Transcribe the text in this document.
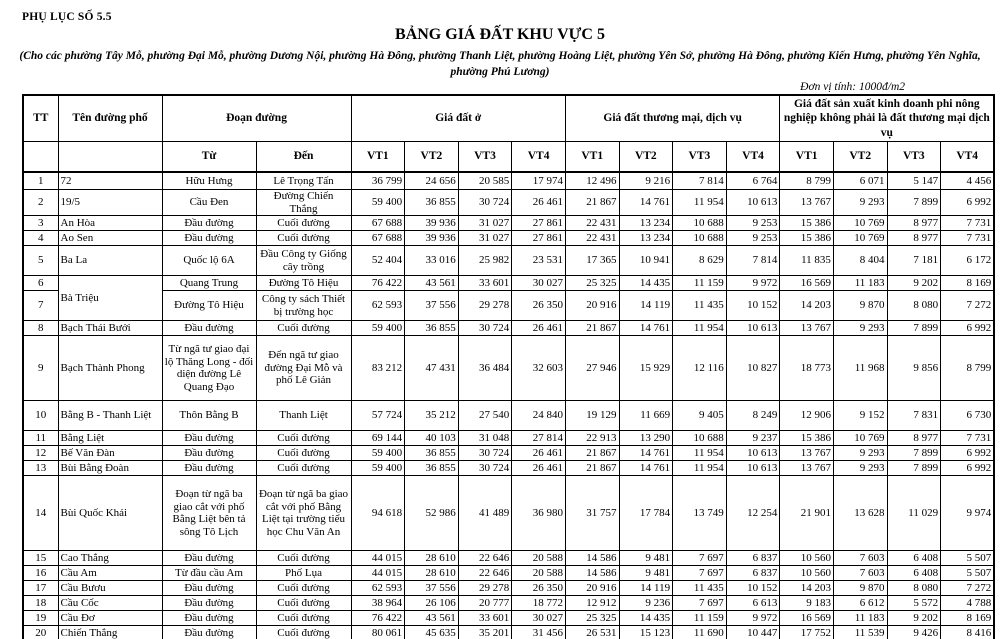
PHỤ LỤC SỐ 5.5
BẢNG GIÁ ĐẤT KHU VỰC 5
(Cho các phường Tây Mỗ, phường Đại Mỗ, phường Dương Nội, phường Hà Đông, phường Thanh Liệt, phường Hoàng Liệt, phường Yên Sở, phường Hà Đông, phường Kiến Hưng, phường Yên Nghĩa, phường Phú Lương)
Đơn vị tính: 1000đ/m2
TT	Tên đường phố	Đoạn đường		Giá đất ở				Giá đất thương mại, dịch vụ				Giá đất sản xuất kinh doanh phi nông nghiệp không phải là đất thương mại dịch vụ			
		Từ	Đến	VT1	VT2	VT3	VT4	VT1	VT2	VT3	VT4	VT1	VT2	VT3	VT4
1	72	Hữu Hưng	Lê Trọng Tấn	36 799	24 656	20 585	17 974	12 496	9 216	7 814	6 764	8 799	6 071	5 147	4 456
2	19/5	Cầu Đen	Đường Chiến Thắng	59 400	36 855	30 724	26 461	21 867	14 761	11 954	10 613	13 767	9 293	7 899	6 992
3	An Hòa	Đầu đường	Cuối đường	67 688	39 936	31 027	27 861	22 431	13 234	10 688	9 253	15 386	10 769	8 977	7 731
4	Ao Sen	Đầu đường	Cuối đường	67 688	39 936	31 027	27 861	22 431	13 234	10 688	9 253	15 386	10 769	8 977	7 731
5	Ba La	Quốc lộ 6A	Đầu Công ty Giống cây trồng	52 404	33 016	25 982	23 531	17 365	10 941	8 629	7 814	11 835	8 404	7 181	6 172
6	Bà Triệu	Quang Trung	Đường Tô Hiệu	76 422	43 561	33 601	30 027	25 325	14 435	11 159	9 972	16 569	11 183	9 202	8 169
7		Đường Tô Hiệu	Công ty sách Thiết bị trường học	62 593	37 556	29 278	26 350	20 916	14 119	11 435	10 152	14 203	9 870	8 080	7 272
8	Bạch Thái Bưởi	Đầu đường	Cuối đường	59 400	36 855	30 724	26 461	21 867	14 761	11 954	10 613	13 767	9 293	7 899	6 992
9	Bạch Thành Phong	Từ ngã tư giao đại lộ Thăng Long - đối diện đường Lê Quang Đạo	Đến ngã tư giao đường Đại Mỗ và phố Lê Giản	83 212	47 431	36 484	32 603	27 946	15 929	12 116	10 827	18 773	11 968	9 856	8 799
10	Bằng B - Thanh Liệt	Thôn Bằng B	Thanh Liệt	57 724	35 212	27 540	24 840	19 129	11 669	9 405	8 249	12 906	9 152	7 831	6 730
11	Bằng Liệt	Đầu đường	Cuối đường	69 144	40 103	31 048	27 814	22 913	13 290	10 688	9 237	15 386	10 769	8 977	7 731
12	Bế Văn Đàn	Đầu đường	Cuối đường	59 400	36 855	30 724	26 461	21 867	14 761	11 954	10 613	13 767	9 293	7 899	6 992
13	Bùi Bằng Đoàn	Đầu đường	Cuối đường	59 400	36 855	30 724	26 461	21 867	14 761	11 954	10 613	13 767	9 293	7 899	6 992
14	Bùi Quốc Khái	Đoạn từ ngã ba giao cắt với phố Bằng Liệt bên tả sông Tô Lịch	Đoạn từ ngã ba giao cắt với phố Bằng Liệt tại trường tiểu học Chu Văn An	94 618	52 986	41 489	36 980	31 757	17 784	13 749	12 254	21 901	13 628	11 029	9 974
15	Cao Thắng	Đầu đường	Cuối đường	44 015	28 610	22 646	20 588	14 586	9 481	7 697	6 837	10 560	7 603	6 408	5 507
16	Cầu Am	Từ đầu cầu Am	Phố Lụa	44 015	28 610	22 646	20 588	14 586	9 481	7 697	6 837	10 560	7 603	6 408	5 507
17	Cầu Bươu	Đầu đường	Cuối đường	62 593	37 556	29 278	26 350	20 916	14 119	11 435	10 152	14 203	9 870	8 080	7 272
18	Cầu Cốc	Đầu đường	Cuối đường	38 964	26 106	20 777	18 772	12 912	9 236	7 697	6 613	9 183	6 612	5 572	4 788
19	Cầu Đơ	Đầu đường	Cuối đường	76 422	43 561	33 601	30 027	25 325	14 435	11 159	9 972	16 569	11 183	9 202	8 169
20	Chiến Thắng	Đầu đường	Cuối đường	80 061	45 635	35 201	31 456	26 531	15 123	11 690	10 447	17 752	11 539	9 426	8 416
